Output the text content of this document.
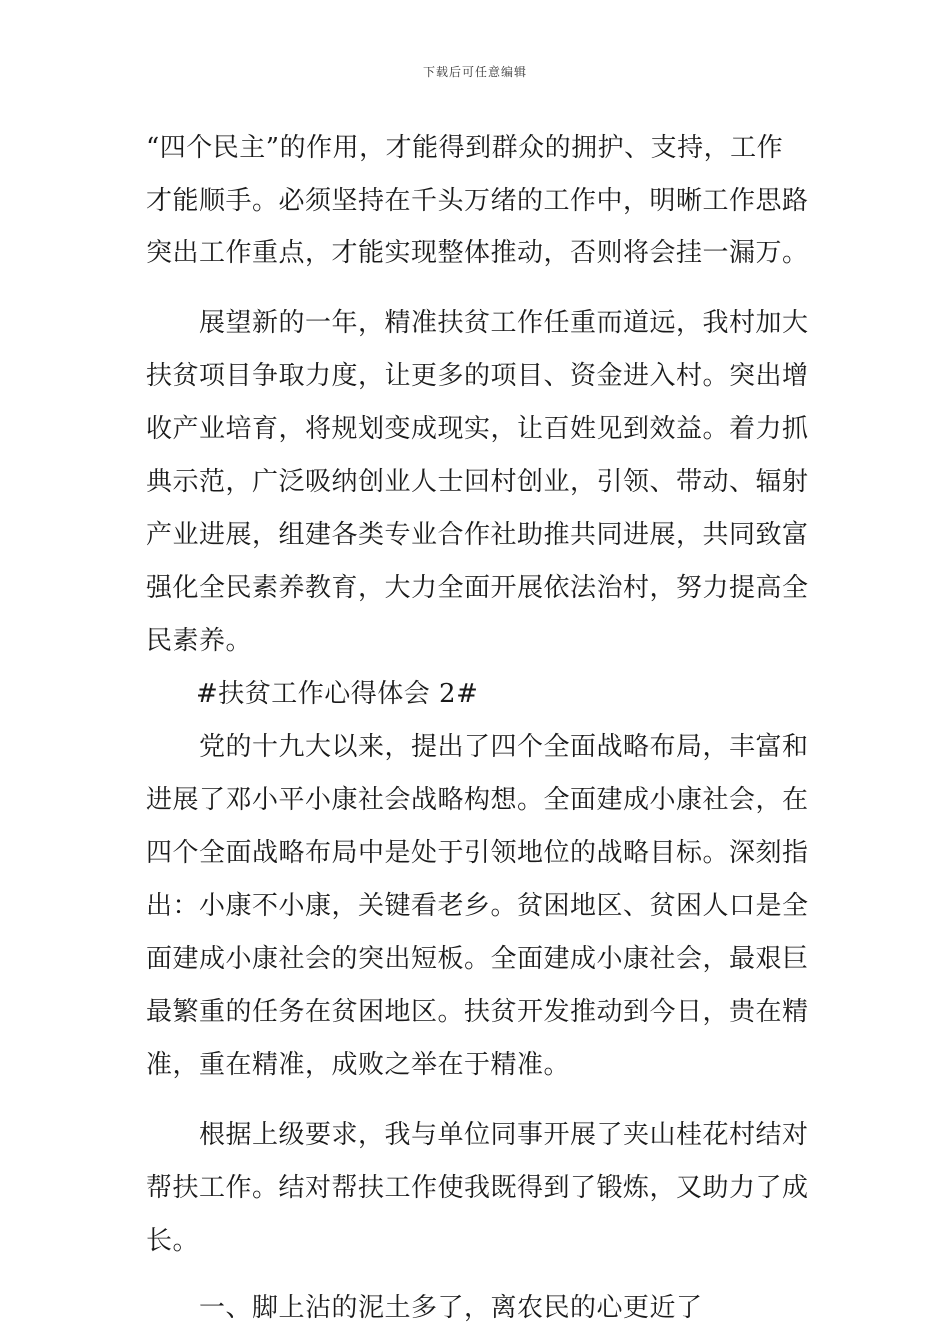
下载后可任意编辑
“四个民主”的作用，才能得到群众的拥护、支持，工作
才能顺手。必须坚持在千头万绪的工作中，明晰工作思路
突出工作重点，才能实现整体推动，否则将会挂一漏万。
展望新的一年，精准扶贫工作任重而道远，我村加大
扶贫项目争取力度，让更多的项目、资金进入村。突出增
收产业培育，将规划变成现实，让百姓见到效益。着力抓
典示范，广泛吸纳创业人士回村创业，引领、带动、辐射
产业进展，组建各类专业合作社助推共同进展，共同致富
强化全民素养教育，大力全面开展依法治村，努力提高全
民素养。
#扶贫工作心得体会 2#
党的十九大以来，提出了四个全面战略布局，丰富和
进展了邓小平小康社会战略构想。全面建成小康社会，在
四个全面战略布局中是处于引领地位的战略目标。深刻指
出：小康不小康，关键看老乡。贫困地区、贫困人口是全
面建成小康社会的突出短板。全面建成小康社会，最艰巨
最繁重的任务在贫困地区。扶贫开发推动到今日，贵在精
准，重在精准，成败之举在于精准。
根据上级要求，我与单位同事开展了夹山桂花村结对
帮扶工作。结对帮扶工作使我既得到了锻炼，又助力了成
长。
一、脚上沾的泥土多了，离农民的心更近了
